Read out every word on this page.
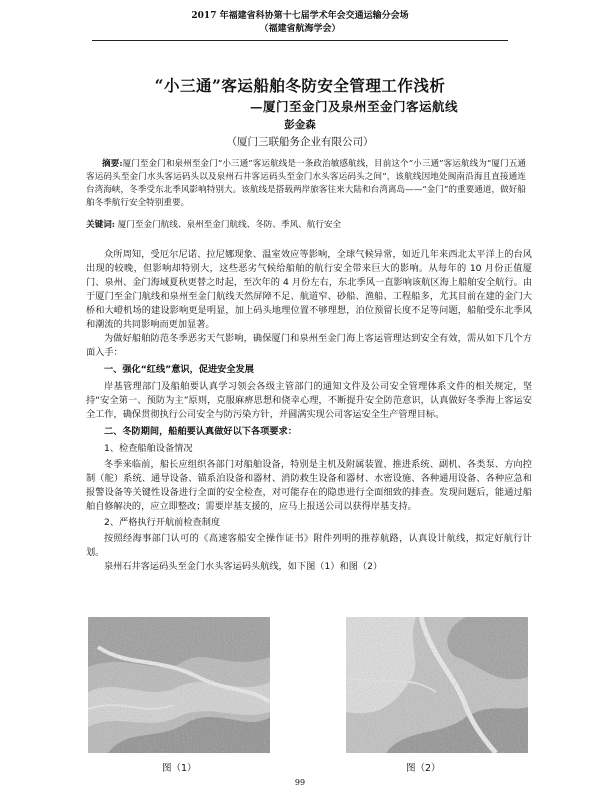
2017 年福建省科协第十七届学术年会交通运输分会场
（福建省航海学会）
“小三通”客运船舶冬防安全管理工作浅析
—厦门至金门及泉州至金门客运航线
彭金森
（厦门三联船务企业有限公司）
摘要:厦门至金门和泉州至金门“小三通”客运航线是一条政治敏感航线，目前这个“小三通”客运航线为“厦门五通客运码头至金门水头客运码头以及泉州石井客运码头至金门水头客运码头之间”，该航线因地处闽南沿海且直接通连台湾海峡，冬季受东北季风影响特别大。该航线是搭载两岸旅客往来大陆和台湾离岛——“金门”的重要通道，做好船舶冬季航行安全特别重要。
关键词: 厦门至金门航线、泉州至金门航线、冬防、季风、航行安全

众所周知，受厄尔尼诺、拉尼娜现象、温室效应等影响，全球气候异常，如近几年来西北太平洋上的台风出现的较晚，但影响却特别大，这些恶劣气候给船舶的航行安全带来巨大的影响。从每年的 10 月份正值厦门、泉州、金门海域夏秋更替之时起，至次年的 4 月份左右，东北季风一直影响该航区海上船舶安全航行。由于厦门至金门航线和泉州至金门航线天然屏障不足、航道窄、砂船、渔船、工程船多，尤其目前在建的金门大桥和大嶝机场的建设影响更是明显，加上码头地理位置不够理想，泊位预留长度不足等问题，船舶受东北季风和潮流的共同影响而更加显著。

为做好船舶防范冬季恶劣天气影响，确保厦门和泉州至金门海上客运管理达到安全有效，需从如下几个方面入手：

一、强化“红线”意识，促进安全发展

岸基管理部门及船舶要认真学习领会各级主管部门的通知文件及公司安全管理体系文件的相关规定，坚持“安全第一、预防为主”原则，克服麻痹思想和侥幸心理，不断提升安全防范意识，认真做好冬季海上客运安全工作，确保贯彻执行公司安全与防污染方针，并圆满实现公司客运安全生产管理目标。

二、冬防期间，船舶要认真做好以下各项要求：

1、检查船舶设备情况

冬季来临前，船长应组织各部门对船舶设备，特别是主机及附属装置、推进系统、副机、各类泵、方向控制（舵）系统、通导设备、锚系泊设备和器材、消防救生设备和器材、水密设施、各种通用设备、各种应急和报警设备等关键性设备进行全面的安全检查，对可能存在的隐患进行全面细致的排查。发现问题后，能通过船舶自修解决的，应立即整改；需要岸基支援的，应马上报送公司以获得岸基支持。

2、严格执行开航前检查制度

按照经海事部门认可的《高速客船安全操作证书》附件列明的推荐航路，认真设计航线，拟定好航行计划。

泉州石井客运码头至金门水头客运码头航线，如下图（1）和图（2）

图（1）	图（2）
99
